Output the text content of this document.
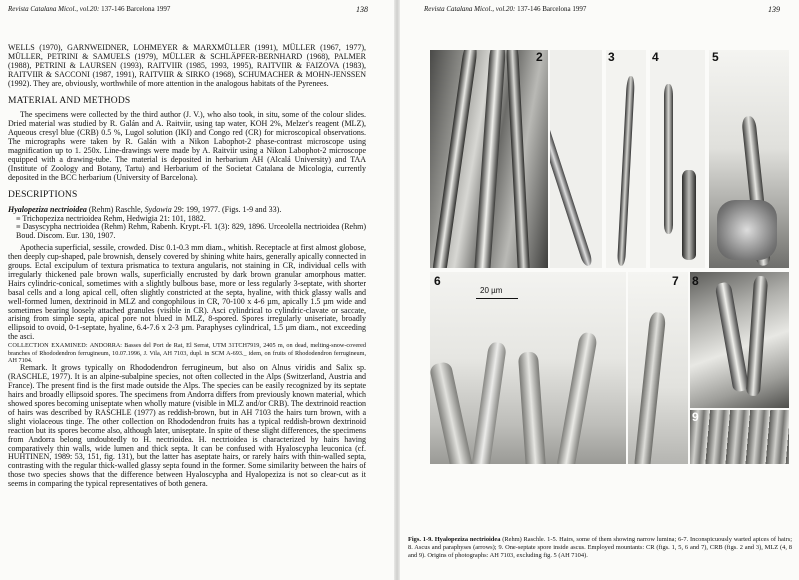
Revista Catalana Micol., vol.20: 137-146 Barcelona 1997	138

WELLS (1970), GARNWEIDNER, LOHMEYER & MARXMÜLLER (1991), MÜLLER (1967, 1977), MÜLLER, PETRINI & SAMUELS (1979), MÜLLER & SCHLÄPFER-BERNHARD (1968), PALMER (1988), PETRINI & LAURSEN (1993), RAITVIIR (1985, 1993, 1995), RAITVIIR & FAIZOVA (1983), RAITVIIR & SACCONI (1987, 1991), RAITVIIR & SIRKO (1968), SCHUMACHER & MOHN-JENSSEN (1992). They are, obviously, worthwhile of more attention in the analogous habitats of the Pyrenees.

MATERIAL AND METHODS

The specimens were collected by the third author (J. V.), who also took, in situ, some of the colour slides. Dried material was studied by R. Galán and A. Raitviir, using tap water, KOH 2%, Melzer's reagent (MLZ), Aqueous cresyl blue (CRB) 0.5 %, Lugol solution (IKI) and Congo red (CR) for microscopical observations. The micrographs were taken by R. Galán with a Nikon Labophot-2 phase-contrast microscope using magnification up to 1. 250x. Line-drawings were made by A. Raitviir using a Nikon Labophot-2 microscope equipped with a drawing-tube. The material is deposited in herbarium AH (Alcalá University) and TAA (Institute of Zoology and Botany, Tartu) and Herbarium of the Societat Catalana de Micologia, currently deposited in the BCC herbarium (University of Barcelona).

DESCRIPTIONS

Hyalopeziza nectrioidea (Rehm) Raschle, Sydowia 29: 199, 1977. (Figs. 1-9 and 33).

≡ Trichopeziza nectrioidea Rehm, Hedwigia 21: 101, 1882.

≡ Dasyscypha nectrioidea (Rehm) Rehm, Rabenh. Krypt.-Fl. 1(3): 829, 1896. Urceolella nectrioidea (Rehm) Boud. Discom. Eur. 130, 1907.

Apothecia superficial, sessile, crowded. Disc 0.1-0.3 mm diam., whitish. Receptacle at first almost globose, then deeply cup-shaped, pale brownish, densely covered by shining white hairs, generally apically connected in groups. Ectal excipulum of textura prismatica to textura angularis, not staining in CR, individual cells with irregularly thickened pale brown walls, superficially encrusted by dark brown granular amorphous matter. Hairs cylindric-conical, sometimes with a slightly bulbous base, more or less regularly 3-septate, with shorter basal cells and a long apical cell, often slightly constricted at the septa, hyaline, with thick glassy walls and well-formed lumen, dextrinoid in MLZ and congophilous in CR, 70-100 x 4-6 µm, apically 1.5 µm wide and sometimes bearing loosely attached granules (visible in CR). Asci cylindrical to cylindric-clavate or saccate, arising from simple septa, apical pore not blued in MLZ, 8-spored. Spores irregularly uniseriate, broadly ellipsoid to ovoid, 0-1-septate, hyaline, 6.4-7.6 x 2-3 µm. Paraphyses cylindrical, 1.5 µm diam., not exceeding the asci.

COLLECTION EXAMINED: ANDORRA: Basses del Port de Rat, El Serrat, UTM 31TCH7919, 2405 m, on dead, melting-snow-covered branches of Rhododendron ferrugineum, 10.07.1996, J. Vila, AH 7103, dupl. in SCM A-693._ idem, on fruits of Rhododendron ferrugineum, AH 7104.

Remark. It grows typically on Rhododendron ferrugineum, but also on Alnus viridis and Salix sp. (RASCHLE, 1977). It is an alpine-subalpine species, not often collected in the Alps (Switzerland, Austria and France). The present find is the first made outside the Alps. The species can be easily recognized by its septate hairs and broadly ellipsoid spores. The specimens from Andorra differs from previously known material, which showed spores becoming uniseptate when wholly mature (visible in MLZ and/or CRB). The dextrinoid reaction of hairs was described by RASCHLE (1977) as reddish-brown, but in AH 7103 the hairs turn brown, with a slight violaceous tinge. The other collection on Rhododendron fruits has a typical reddish-brown dextrinoid reaction but its spores become also, although later, uniseptate. In spite of these slight differences, the specimens from Andorra belong undoubtedly to H. nectrioidea. H. nectrioidea is characterized by hairs having comparatively thin walls, wide lumen and thick septa. It can be confused with Hyaloscypha leuconica (cf. HUHTINEN, 1989: 53, 151, fig. 131), but the latter has aseptate hairs, or rarely hairs with thin-walled septa, contrasting with the regular thick-walled glassy septa found in the former. Some similarity between the hairs of those two species shows that the difference between Hyaloscypha and Hyalopeziza is not so clear-cut as it seems in comparing the typical representatives of both genera.

Revista Catalana Micol., vol.20: 137-146 Barcelona 1997	139
2	3	4	5
6	7 8
9
20 µm
Figs. 1-9. Hyalopeziza nectrioidea (Rehm) Raschle. 1-5. Hairs, some of them showing narrow lumina; 6-7. Inconspicuously warted apices of hairs; 8. Ascus and paraphyses (arrows); 9. One-septate spore inside ascus. Employed mountants: CR (figs. 1, 5, 6 and 7), CRB (figs. 2 and 3), MLZ (4, 8 and 9). Origins of photographs: AH 7103, excluding fig. 5 (AH 7104).
